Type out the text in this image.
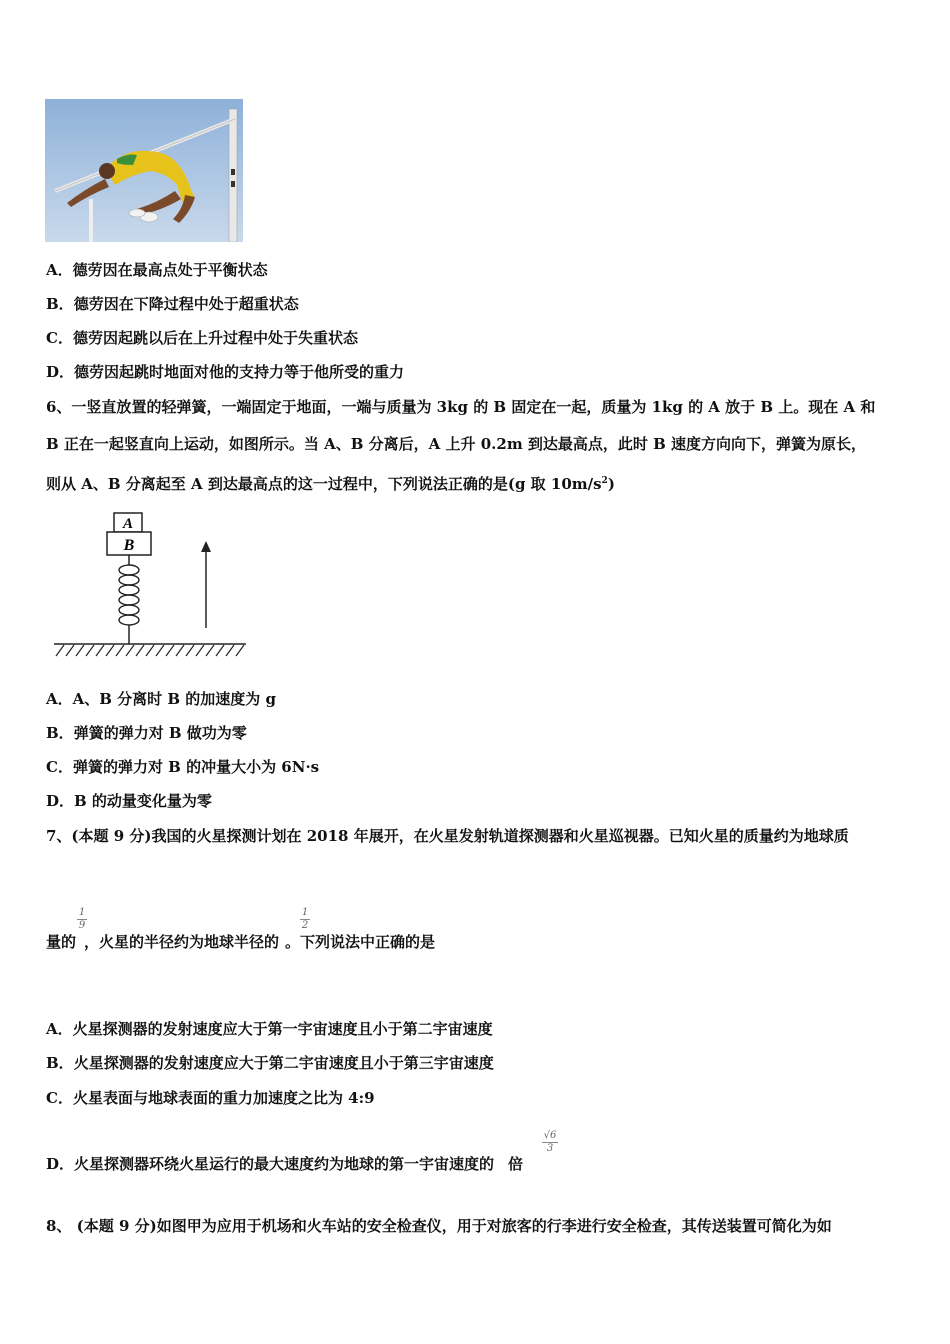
A．德劳因在最高点处于平衡状态
B．德劳因在下降过程中处于超重状态
C．德劳因起跳以后在上升过程中处于失重状态
D．德劳因起跳时地面对他的支持力等于他所受的重力
6、一竖直放置的轻弹簧，一端固定于地面，一端与质量为 3kg 的 B 固定在一起，质量为 1kg 的 A 放于 B 上。现在 A 和
B 正在一起竖直向上运动，如图所示。当 A、B 分离后，A 上升 0.2m 到达最高点，此时 B 速度方向向下，弹簧为原长，
则从 A、B 分离起至 A 到达最高点的这一过程中，下列说法正确的是(g 取 $10m/s^2$)
A
B
A．A、B 分离时 B 的加速度为 g
B．弹簧的弹力对 B 做功为零
C．弹簧的弹力对 B 的冲量大小为 6N·s
D．B 的动量变化量为零
7、(本题 9 分)我国的火星探测计划在 2018 年展开，在火星发射轨道探测器和火星巡视器。已知火星的质量约为地球质
量的 ，火星的半径约为地球半径的 。下列说法中正确的是
1
9
1
2
A．火星探测器的发射速度应大于第一宇宙速度且小于第二宇宙速度
B．火星探测器的发射速度应大于第二宇宙速度且小于第三宇宙速度
C．火星表面与地球表面的重力加速度之比为 4:9
D．火星探测器环绕火星运行的最大速度约为地球的第一宇宙速度的 倍
√6
3
8、 (本题 9 分)如图甲为应用于机场和火车站的安全检查仪，用于对旅客的行李进行安全检查，其传送装置可简化为如
